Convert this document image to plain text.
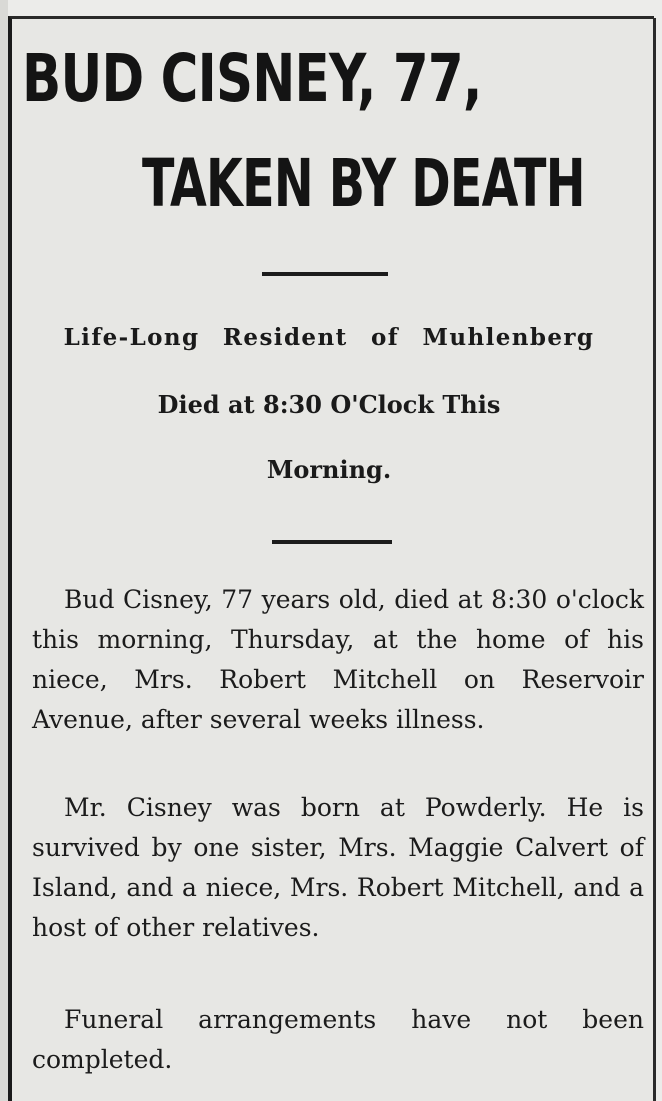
BUD CISNEY, 77,
TAKEN BY DEATH
Life-Long Resident of Muhlenberg
Died at 8:30 O'Clock This
Morning.

Bud Cisney, 77 years old, died at 8:30 o'clock this morning, Thursday, at the home of his niece, Mrs. Robert Mitchell on Reservoir Avenue, after several weeks illness.

Mr. Cisney was born at Powderly. He is survived by one sister, Mrs. Maggie Calvert of Island, and a niece, Mrs. Robert Mitchell, and a host of other relatives.

Funeral arrangements have not been completed.
